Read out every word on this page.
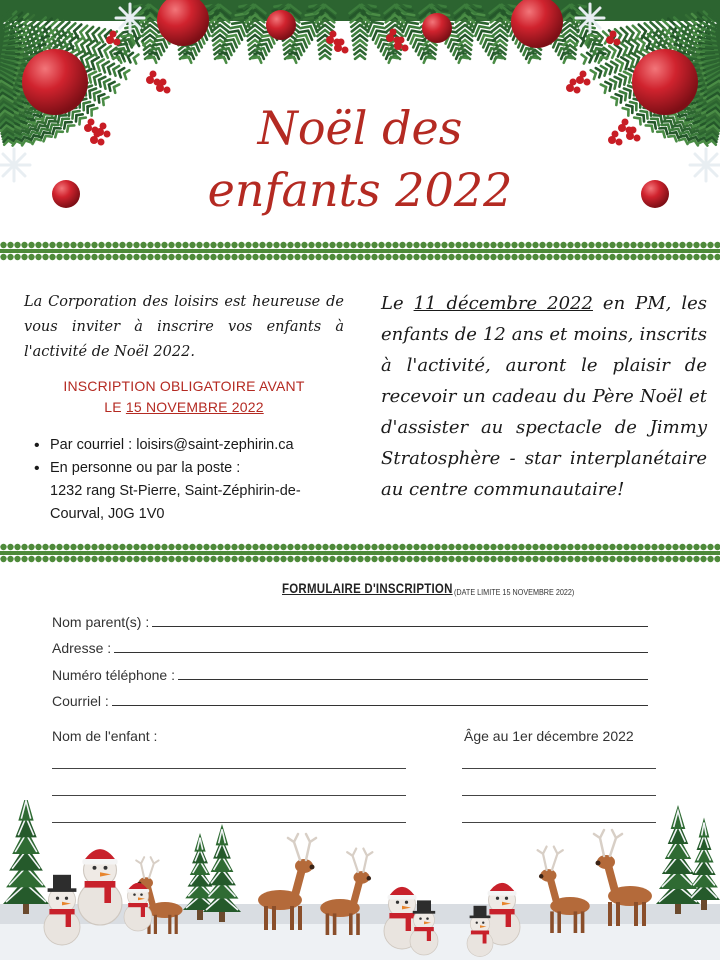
Noël des
enfants 2022
La Corporation des loisirs est heureuse de vous inviter à inscrire vos enfants à l'activité de Noël 2022.
INSCRIPTION OBLIGATOIRE AVANT
LE 15 NOVEMBRE 2022
• Par courriel : loisirs@saint-zephirin.ca
• En personne ou par la poste :
1232 rang St-Pierre, Saint-Zéphirin-de-
Courval, J0G 1V0
Le 11 décembre 2022 en PM, les enfants de 12 ans et moins, inscrits à l'activité, auront le plaisir de recevoir un cadeau du Père Noël et d'assister au spectacle de Jimmy Stratosphère - star interplanétaire au centre communautaire!
FORMULAIRE D'INSCRIPTION (DATE LIMITE 15 NOVEMBRE 2022)
Nom parent(s) :
Adresse :
Numéro téléphone :
Courriel :
Nom de l'enfant :	Âge au 1er décembre 2022
